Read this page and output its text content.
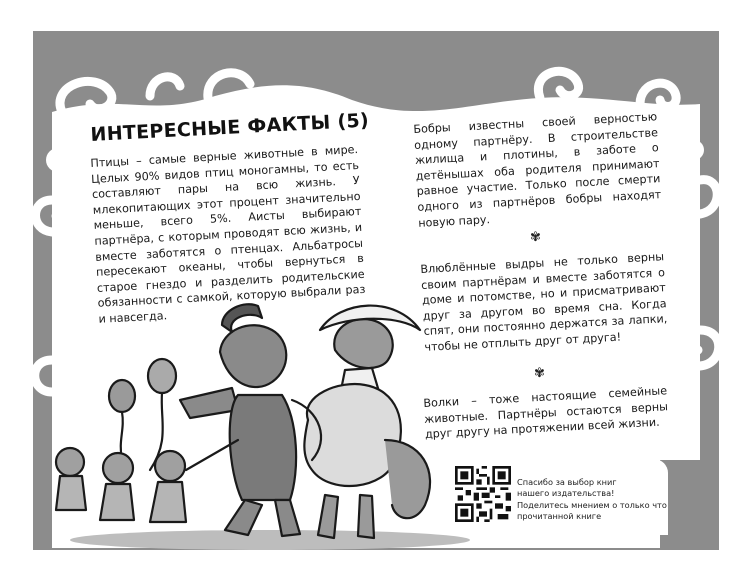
ИНТЕРЕСНЫЕ ФАКТЫ (5)

Птицы – самые верные животные в мире. Целых 90% видов птиц моногамны, то есть составляют пары на всю жизнь. У млекопитающих этот процент значительно меньше, всего 5%. Аисты выбирают партнёра, с которым проводят всю жизнь, и вместе заботятся о птенцах. Альбатросы пересекают океаны, чтобы вернуться в старое гнездо и разделить родительские обязанности с самкой, которую выбрали раз и навсегда.

Бобры известны своей верностью одному партнёру. В строительстве жилища и плотины, в заботе о детёнышах оба родителя принимают равное участие. Только после смерти одного из партнёров бобры находят новую пару.

✾

Влюблённые выдры не только верны своим партнёрам и вместе заботятся о доме и потомстве, но и присматривают друг за другом во время сна. Когда спят, они постоянно держатся за лапки, чтобы не отплыть друг от друга!

✾

Волки – тоже настоящие семейные животные. Партнёры остаются верны друг другу на протяжении всей жизни.

Спасибо за выбор книг нашего издательства!
Поделитесь мнением о только что прочитанной книге
